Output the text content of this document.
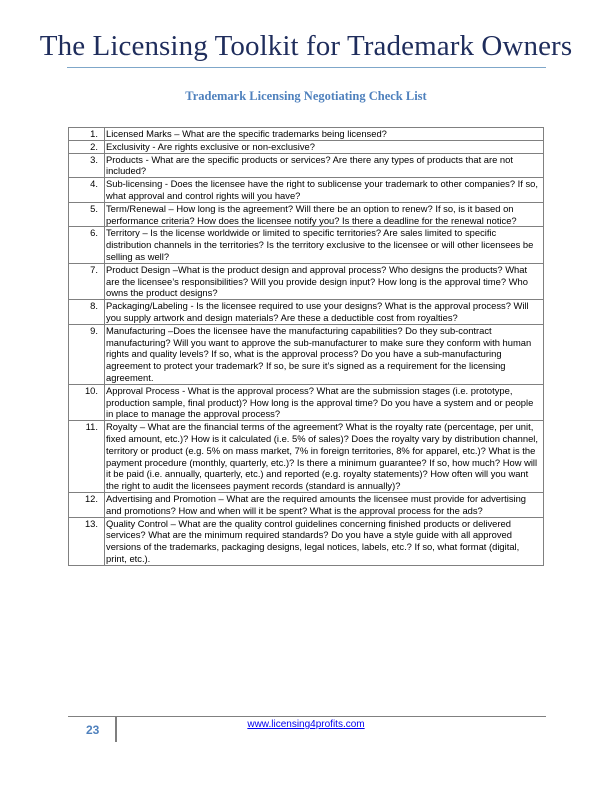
The Licensing Toolkit for Trademark Owners
Trademark Licensing Negotiating Check List
1.	Licensed Marks – What are the specific trademarks being licensed?
2.	Exclusivity - Are rights exclusive or non-exclusive?
3.	Products - What are the specific products or services? Are there any types of products that are not included?
4.	Sub-licensing - Does the licensee have the right to sublicense your trademark to other companies? If so, what approval and control rights will you have?
5.	Term/Renewal – How long is the agreement? Will there be an option to renew? If so, is it based on performance criteria? How does the licensee notify you? Is there a deadline for the renewal notice?
6.	Territory – Is the license worldwide or limited to specific territories? Are sales limited to specific distribution channels in the territories? Is the territory exclusive to the licensee or will other licensees be selling as well?
7.	Product Design –What is the product design and approval process? Who designs the products? What are the licensee’s responsibilities? Will you provide design input? How long is the approval time? Who owns the product designs?
8.	Packaging/Labeling - Is the licensee required to use your designs? What is the approval process? Will you supply artwork and design materials? Are these a deductible cost from royalties?
9.	Manufacturing –Does the licensee have the manufacturing capabilities? Do they sub-contract manufacturing? Will you want to approve the sub-manufacturer to make sure they conform with human rights and quality levels? If so, what is the approval process? Do you have a sub-manufacturing agreement to protect your trademark? If so, be sure it’s signed as a requirement for the licensing agreement.
10.	Approval Process - What is the approval process? What are the submission stages (i.e. prototype, production sample, final product)? How long is the approval time? Do you have a system and or people in place to manage the approval process?
11.	Royalty – What are the financial terms of the agreement? What is the royalty rate (percentage, per unit, fixed amount, etc.)? How is it calculated (i.e. 5% of sales)? Does the royalty vary by distribution channel, territory or product (e.g. 5% on mass market, 7% in foreign territories, 8% for apparel, etc.)? What is the payment procedure (monthly, quarterly, etc.)? Is there a minimum guarantee? If so, how much? How will it be paid (i.e. annually, quarterly, etc.) and reported (e.g. royalty statements)? How often will you want the right to audit the licensees payment records (standard is annually)?
12.	Advertising and Promotion – What are the required amounts the licensee must provide for advertising and promotions? How and when will it be spent? What is the approval process for the ads?
13.	Quality Control – What are the quality control guidelines concerning finished products or delivered services? What are the minimum required standards? Do you have a style guide with all approved versions of the trademarks, packaging designs, legal notices, labels, etc.? If so, what format (digital, print, etc.).
23	www.licensing4profits.com
